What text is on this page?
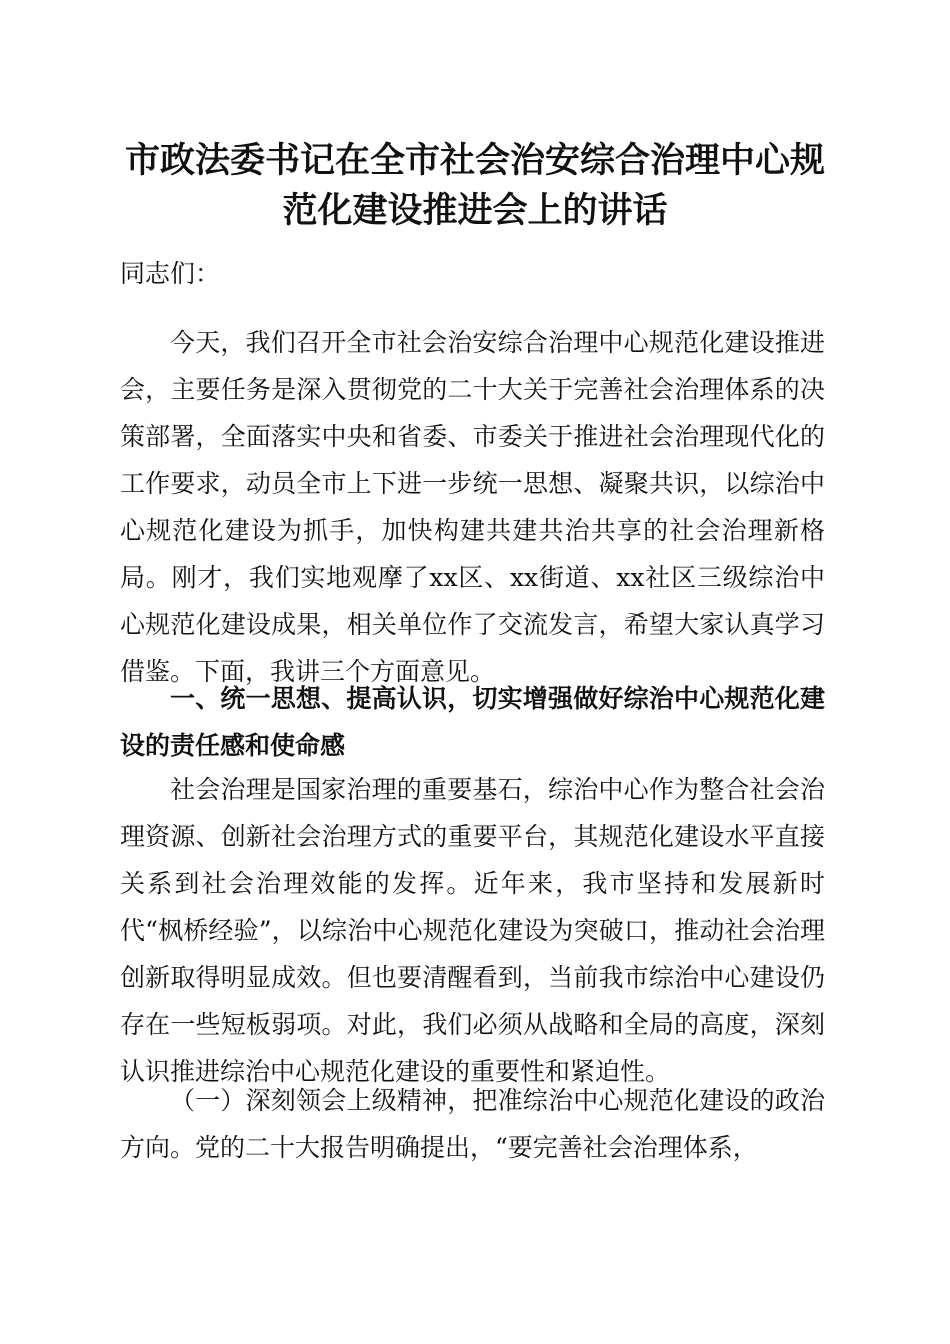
市政法委书记在全市社会治安综合治理中心规范化建设推进会上的讲话

同志们：

今天，我们召开全市社会治安综合治理中心规范化建设推进会，主要任务是深入贯彻党的二十大关于完善社会治理体系的决策部署，全面落实中央和省委、市委关于推进社会治理现代化的工作要求，动员全市上下进一步统一思想、凝聚共识，以综治中心规范化建设为抓手，加快构建共建共治共享的社会治理新格局。刚才，我们实地观摩了xx区、xx街道、xx社区三级综治中心规范化建设成果，相关单位作了交流发言，希望大家认真学习借鉴。下面，我讲三个方面意见。

一、统一思想、提高认识，切实增强做好综治中心规范化建设的责任感和使命感

社会治理是国家治理的重要基石，综治中心作为整合社会治理资源、创新社会治理方式的重要平台，其规范化建设水平直接关系到社会治理效能的发挥。近年来，我市坚持和发展新时代“枫桥经验”，以综治中心规范化建设为突破口，推动社会治理创新取得明显成效。但也要清醒看到，当前我市综治中心建设仍存在一些短板弱项。对此，我们必须从战略和全局的高度，深刻认识推进综治中心规范化建设的重要性和紧迫性。

（一）深刻领会上级精神，把准综治中心规范化建设的政治方向。党的二十大报告明确提出，“要完善社会治理体系，
